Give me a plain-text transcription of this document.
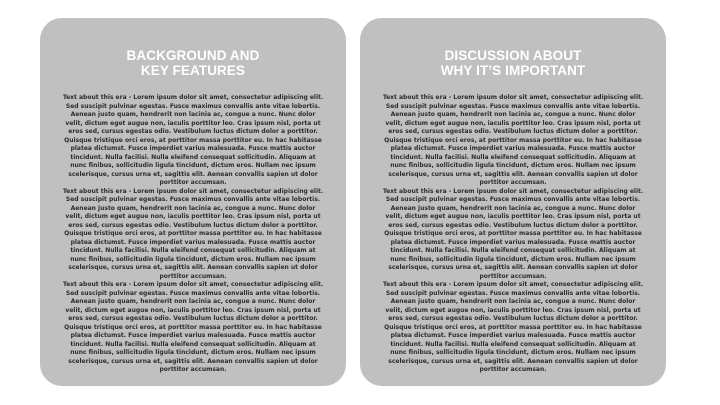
BACKGROUND AND
KEY FEATURES

Text about this era - Lorem ipsum dolor sit amet, consectetur adipiscing elit. Sed suscipit pulvinar egestas. Fusce maximus convallis ante vitae lobortis. Aenean justo quam, hendrerit non lacinia ac, congue a nunc. Nunc dolor velit, dictum eget augue non, iaculis porttitor leo. Cras ipsum nisl, porta ut eros sed, cursus egestas odio. Vestibulum luctus dictum dolor a porttitor. Quisque tristique orci eros, at porttitor massa porttitor eu. In hac habitasse platea dictumst. Fusce imperdiet varius malesuada. Fusce mattis auctor tincidunt. Nulla facilisi. Nulla eleifend consequat sollicitudin. Aliquam at nunc finibus, sollicitudin ligula tincidunt, dictum eros. Nullam nec ipsum scelerisque, cursus urna et, sagittis elit. Aenean convallis sapien ut dolor porttitor accumsan.

Text about this era - Lorem ipsum dolor sit amet, consectetur adipiscing elit. Sed suscipit pulvinar egestas. Fusce maximus convallis ante vitae lobortis. Aenean justo quam, hendrerit non lacinia ac, congue a nunc. Nunc dolor velit, dictum eget augue non, iaculis porttitor leo. Cras ipsum nisl, porta ut eros sed, cursus egestas odio. Vestibulum luctus dictum dolor a porttitor. Quisque tristique orci eros, at porttitor massa porttitor eu. In hac habitasse platea dictumst. Fusce imperdiet varius malesuada. Fusce mattis auctor tincidunt. Nulla facilisi. Nulla eleifend consequat sollicitudin. Aliquam at nunc finibus, sollicitudin ligula tincidunt, dictum eros. Nullam nec ipsum scelerisque, cursus urna et, sagittis elit. Aenean convallis sapien ut dolor porttitor accumsan.

Text about this era - Lorem ipsum dolor sit amet, consectetur adipiscing elit. Sed suscipit pulvinar egestas. Fusce maximus convallis ante vitae lobortis. Aenean justo quam, hendrerit non lacinia ac, congue a nunc. Nunc dolor velit, dictum eget augue non, iaculis porttitor leo. Cras ipsum nisl, porta ut eros sed, cursus egestas odio. Vestibulum luctus dictum dolor a porttitor. Quisque tristique orci eros, at porttitor massa porttitor eu. In hac habitasse platea dictumst. Fusce imperdiet varius malesuada. Fusce mattis auctor tincidunt. Nulla facilisi. Nulla eleifend consequat sollicitudin. Aliquam at nunc finibus, sollicitudin ligula tincidunt, dictum eros. Nullam nec ipsum scelerisque, cursus urna et, sagittis elit. Aenean convallis sapien ut dolor porttitor accumsan.

DISCUSSION ABOUT
WHY IT’S IMPORTANT

Text about this era - Lorem ipsum dolor sit amet, consectetur adipiscing elit. Sed suscipit pulvinar egestas. Fusce maximus convallis ante vitae lobortis. Aenean justo quam, hendrerit non lacinia ac, congue a nunc. Nunc dolor velit, dictum eget augue non, iaculis porttitor leo. Cras ipsum nisl, porta ut eros sed, cursus egestas odio. Vestibulum luctus dictum dolor a porttitor. Quisque tristique orci eros, at porttitor massa porttitor eu. In hac habitasse platea dictumst. Fusce imperdiet varius malesuada. Fusce mattis auctor tincidunt. Nulla facilisi. Nulla eleifend consequat sollicitudin. Aliquam at nunc finibus, sollicitudin ligula tincidunt, dictum eros. Nullam nec ipsum scelerisque, cursus urna et, sagittis elit. Aenean convallis sapien ut dolor porttitor accumsan.

Text about this era - Lorem ipsum dolor sit amet, consectetur adipiscing elit. Sed suscipit pulvinar egestas. Fusce maximus convallis ante vitae lobortis. Aenean justo quam, hendrerit non lacinia ac, congue a nunc. Nunc dolor velit, dictum eget augue non, iaculis porttitor leo. Cras ipsum nisl, porta ut eros sed, cursus egestas odio. Vestibulum luctus dictum dolor a porttitor. Quisque tristique orci eros, at porttitor massa porttitor eu. In hac habitasse platea dictumst. Fusce imperdiet varius malesuada. Fusce mattis auctor tincidunt. Nulla facilisi. Nulla eleifend consequat sollicitudin. Aliquam at nunc finibus, sollicitudin ligula tincidunt, dictum eros. Nullam nec ipsum scelerisque, cursus urna et, sagittis elit. Aenean convallis sapien ut dolor porttitor accumsan.

Text about this era - Lorem ipsum dolor sit amet, consectetur adipiscing elit. Sed suscipit pulvinar egestas. Fusce maximus convallis ante vitae lobortis. Aenean justo quam, hendrerit non lacinia ac, congue a nunc. Nunc dolor velit, dictum eget augue non, iaculis porttitor leo. Cras ipsum nisl, porta ut eros sed, cursus egestas odio. Vestibulum luctus dictum dolor a porttitor. Quisque tristique orci eros, at porttitor massa porttitor eu. In hac habitasse platea dictumst. Fusce imperdiet varius malesuada. Fusce mattis auctor tincidunt. Nulla facilisi. Nulla eleifend consequat sollicitudin. Aliquam at nunc finibus, sollicitudin ligula tincidunt, dictum eros. Nullam nec ipsum scelerisque, cursus urna et, sagittis elit. Aenean convallis sapien ut dolor porttitor accumsan.
